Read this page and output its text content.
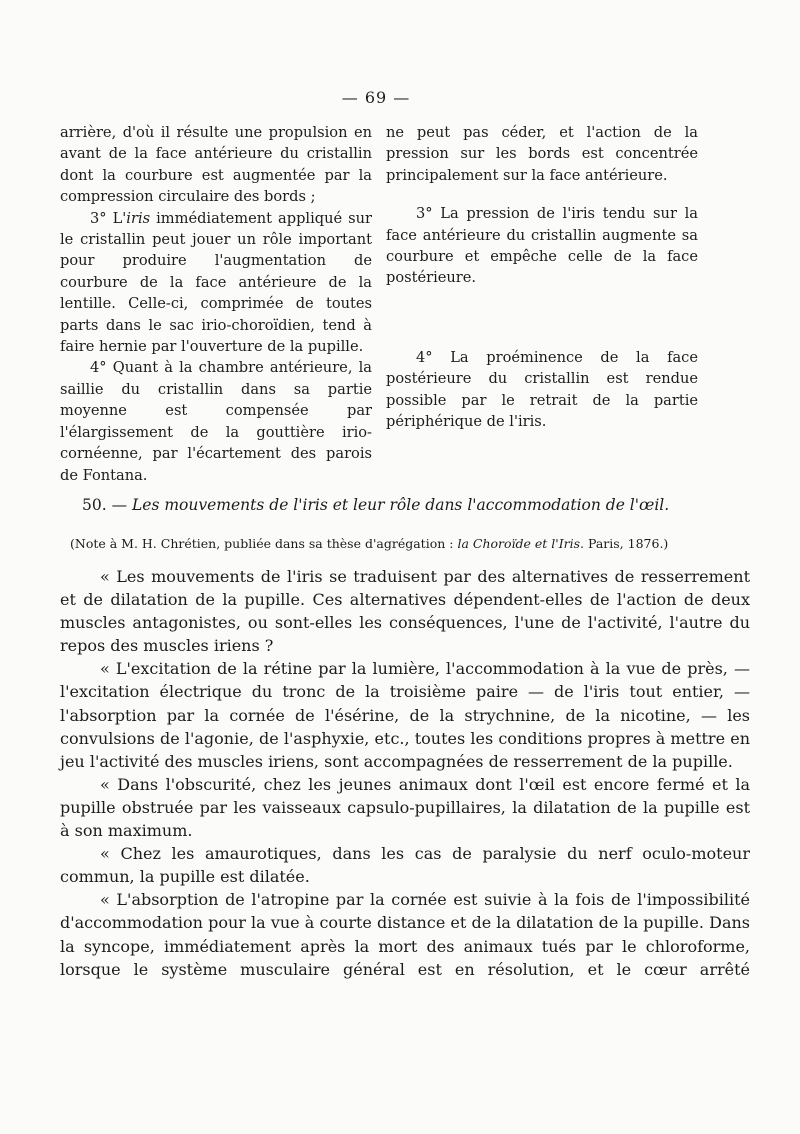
— 69 —

arrière, d'où il résulte une propulsion en avant de la face antérieure du cristallin dont la courbure est augmentée par la compression circulaire des bords ;

3° L'iris immédiatement appliqué sur le cristallin peut jouer un rôle important pour produire l'augmentation de courbure de la face antérieure de la lentille. Celle-ci, comprimée de toutes parts dans le sac irio-choroïdien, tend à faire hernie par l'ouverture de la pupille.

4° Quant à la chambre antérieure, la saillie du cristallin dans sa partie moyenne est compensée par l'élargissement de la gouttière irio-cornéenne, par l'écartement des parois de Fontana.

ne peut pas céder, et l'action de la pression sur les bords est concentrée principalement sur la face antérieure.

3° La pression de l'iris tendu sur la face antérieure du cristallin augmente sa courbure et empêche celle de la face postérieure.

4° La proéminence de la face postérieure du cristallin est rendue possible par le retrait de la partie périphérique de l'iris.

50. — Les mouvements de l'iris et leur rôle dans l'accommodation de l'œil.
(Note à M. H. Chrétien, publiée dans sa thèse d'agrégation : la Choroïde et l'Iris. Paris, 1876.)

« Les mouvements de l'iris se traduisent par des alternatives de resserrement et de dilatation de la pupille. Ces alternatives dépendent-elles de l'action de deux muscles antagonistes, ou sont-elles les conséquences, l'une de l'activité, l'autre du repos des muscles iriens ?

« L'excitation de la rétine par la lumière, l'accommodation à la vue de près, — l'excitation électrique du tronc de la troisième paire — de l'iris tout entier, — l'absorption par la cornée de l'ésérine, de la strychnine, de la nicotine, — les convulsions de l'agonie, de l'asphyxie, etc., toutes les conditions propres à mettre en jeu l'activité des muscles iriens, sont accompagnées de resserrement de la pupille.

« Dans l'obscurité, chez les jeunes animaux dont l'œil est encore fermé et la pupille obstruée par les vaisseaux capsulo-pupillaires, la dilatation de la pupille est à son maximum.

« Chez les amaurotiques, dans les cas de paralysie du nerf oculo-moteur commun, la pupille est dilatée.

« L'absorption de l'atropine par la cornée est suivie à la fois de l'impossibilité d'accommodation pour la vue à courte distance et de la dilatation de la pupille. Dans la syncope, immédiatement après la mort des animaux tués par le chloroforme, lorsque le système musculaire général est en résolution, et le cœur arrêté
